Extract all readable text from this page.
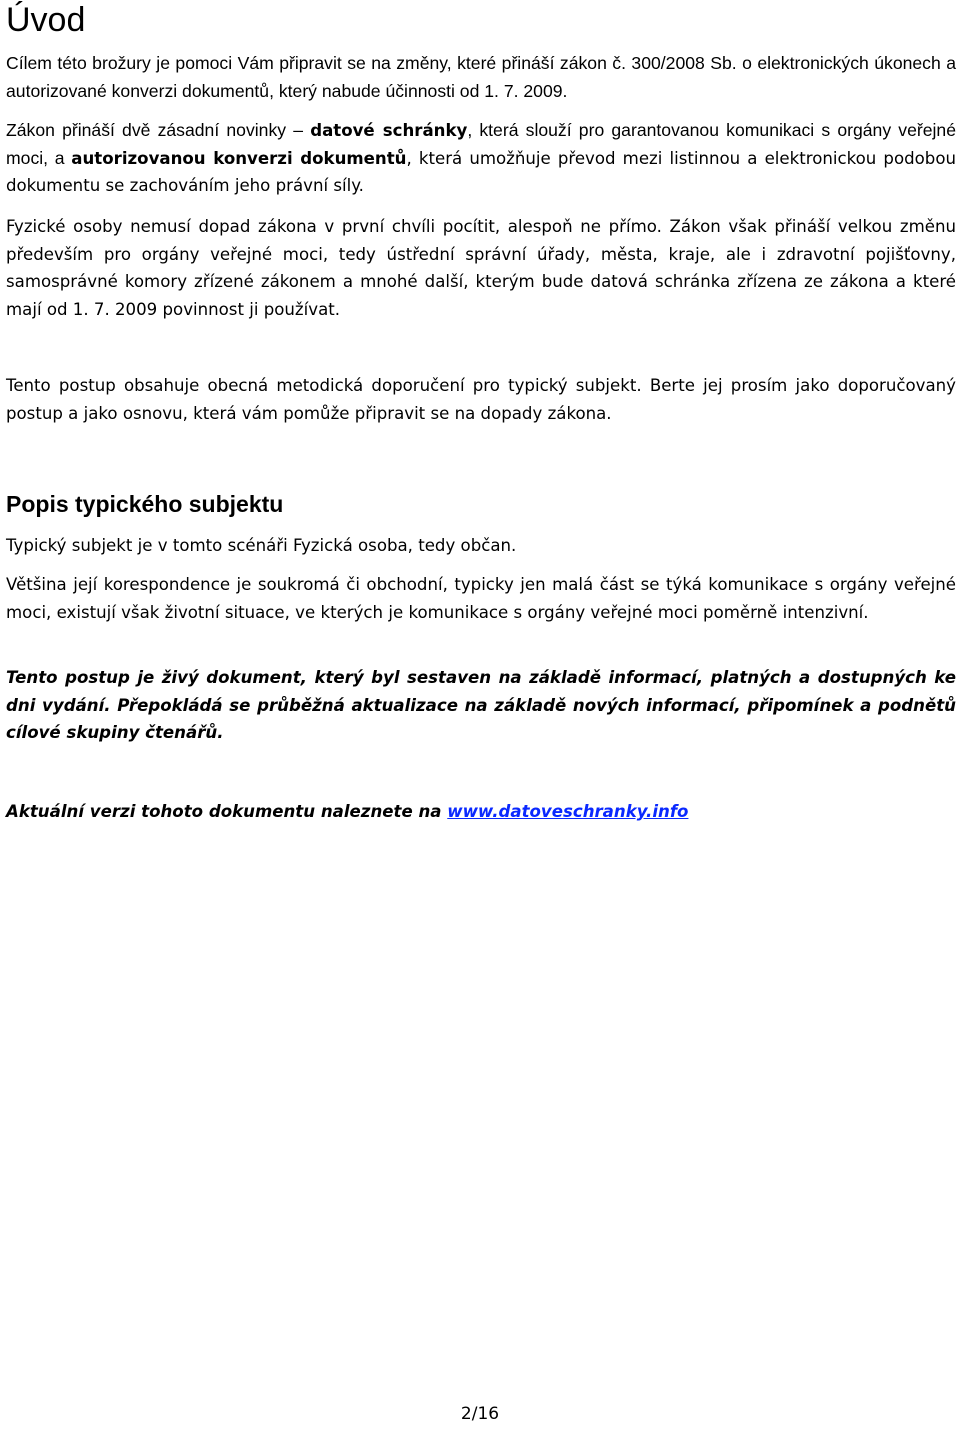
Úvod

Cílem této brožury je pomoci Vám připravit se na změny, které přináší zákon č. 300/2008 Sb. o elektronických úkonech a autorizované konverzi dokumentů, který nabude účinnosti od 1. 7. 2009.

Zákon přináší dvě zásadní novinky – datové schránky, která slouží pro garantovanou komunikaci s orgány veřejné moci, a autorizovanou konverzi dokumentů, která umožňuje převod mezi listinnou a elektronickou podobou dokumentu se zachováním jeho právní síly.

Fyzické osoby nemusí dopad zákona v první chvíli pocítit, alespoň ne přímo. Zákon však přináší velkou změnu především pro orgány veřejné moci, tedy ústřední správní úřady, města, kraje, ale i zdravotní pojišťovny, samosprávné komory zřízené zákonem a mnohé další, kterým bude datová schránka zřízena ze zákona a které mají od 1. 7. 2009 povinnost ji používat.

Tento postup obsahuje obecná metodická doporučení pro typický subjekt. Berte jej prosím jako doporučovaný postup a jako osnovu, která vám pomůže připravit se na dopady zákona.

Popis typického subjektu

Typický subjekt je v tomto scénáři Fyzická osoba, tedy občan.

Většina její korespondence je soukromá či obchodní, typicky jen malá část se týká komunikace s orgány veřejné moci, existují však životní situace, ve kterých je komunikace s orgány veřejné moci poměrně intenzivní.

Tento postup je živý dokument, který byl sestaven na základě informací, platných a dostupných ke dni vydání. Přepokládá se průběžná aktualizace na základě nových informací, připomínek a podnětů cílové skupiny čtenářů.

Aktuální verzi tohoto dokumentu naleznete na www.datoveschranky.info

2/16
